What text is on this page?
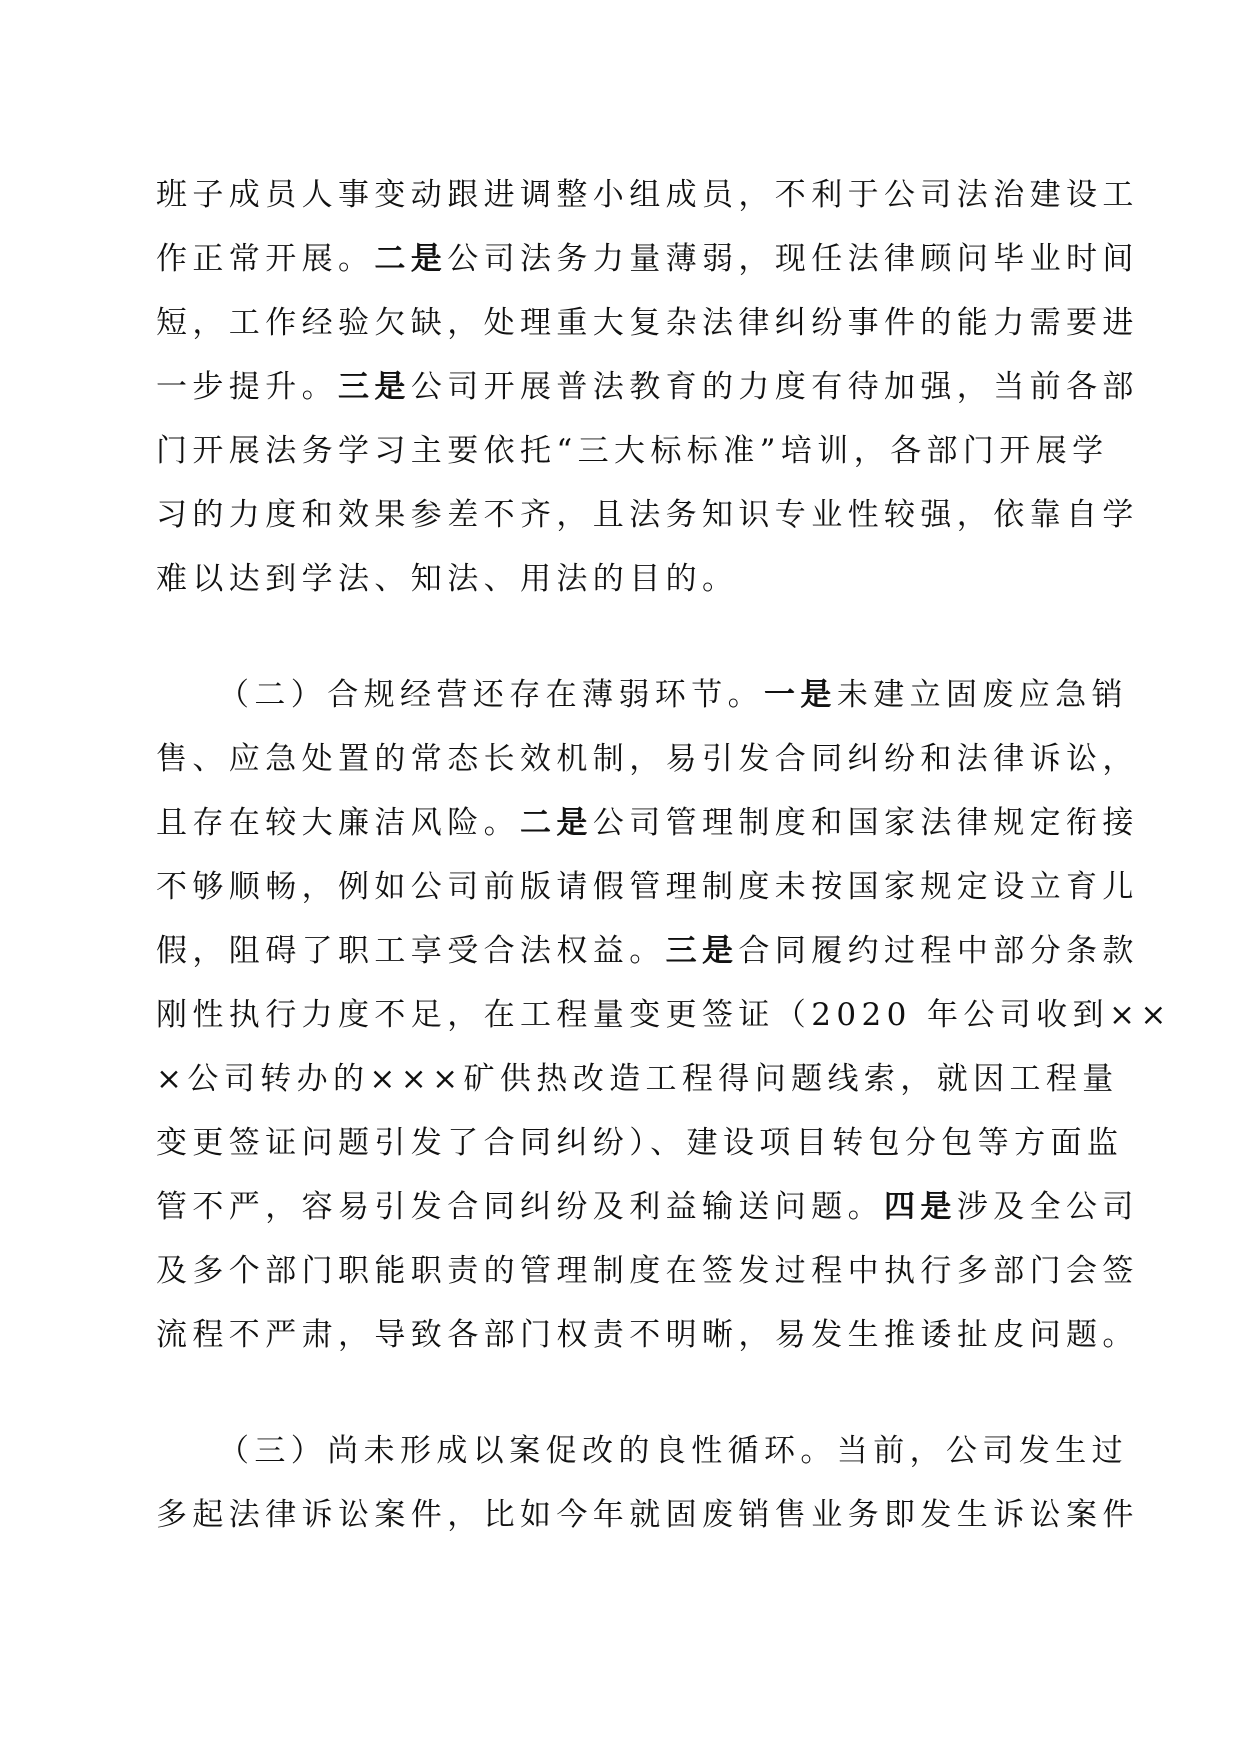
班子成员人事变动跟进调整小组成员，不利于公司法治建设工
作正常开展。二是公司法务力量薄弱，现任法律顾问毕业时间
短，工作经验欠缺，处理重大复杂法律纠纷事件的能力需要进
一步提升。三是公司开展普法教育的力度有待加强，当前各部
门开展法务学习主要依托“三大标标准”培训，各部门开展学
习的力度和效果参差不齐，且法务知识专业性较强，依靠自学
难以达到学法、知法、用法的目的。
（二）合规经营还存在薄弱环节。一是未建立固废应急销
售、应急处置的常态长效机制，易引发合同纠纷和法律诉讼，
且存在较大廉洁风险。二是公司管理制度和国家法律规定衔接
不够顺畅，例如公司前版请假管理制度未按国家规定设立育儿
假，阻碍了职工享受合法权益。三是合同履约过程中部分条款
刚性执行力度不足，在工程量变更签证（2020 年公司收到××
×公司转办的×××矿供热改造工程得问题线索，就因工程量
变更签证问题引发了合同纠纷）、建设项目转包分包等方面监
管不严，容易引发合同纠纷及利益输送问题。四是涉及全公司
及多个部门职能职责的管理制度在签发过程中执行多部门会签
流程不严肃，导致各部门权责不明晰，易发生推诿扯皮问题。
（三）尚未形成以案促改的良性循环。当前，公司发生过
多起法律诉讼案件，比如今年就固废销售业务即发生诉讼案件
